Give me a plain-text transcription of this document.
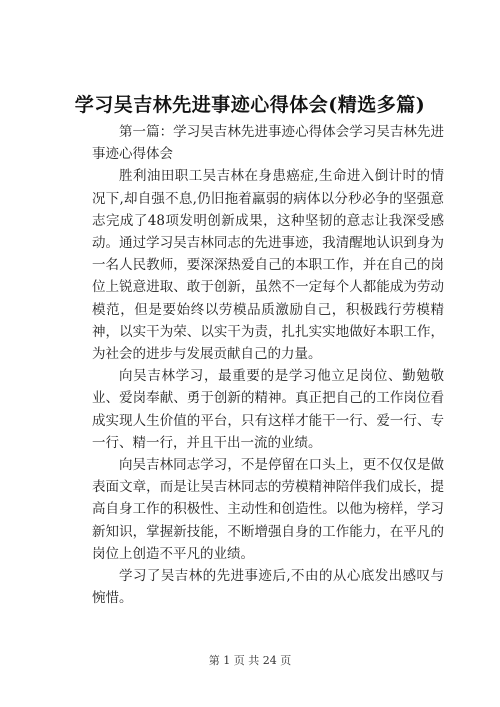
学习吴吉林先进事迹心得体会(精选多篇)

第一篇：学习吴吉林先进事迹心得体会学习吴吉林先进事迹心得体会

胜利油田职工吴吉林在身患癌症,生命进入倒计时的情况下,却自强不息,仍旧拖着羸弱的病体以分秒必争的坚强意志完成了48项发明创新成果，这种坚韧的意志让我深受感动。通过学习吴吉林同志的先进事迹，我清醒地认识到身为一名人民教师，要深深热爱自己的本职工作，并在自己的岗位上锐意进取、敢于创新，虽然不一定每个人都能成为劳动模范，但是要始终以劳模品质激励自己，积极践行劳模精神，以实干为荣、以实干为责，扎扎实实地做好本职工作，为社会的进步与发展贡献自己的力量。

向吴吉林学习，最重要的是学习他立足岗位、勤勉敬业、爱岗奉献、勇于创新的精神。真正把自己的工作岗位看成实现人生价值的平台，只有这样才能干一行、爱一行、专一行、精一行，并且干出一流的业绩。

向吴吉林同志学习，不是停留在口头上，更不仅仅是做表面文章，而是让吴吉林同志的劳模精神陪伴我们成长，提高自身工作的积极性、主动性和创造性。以他为榜样，学习新知识，掌握新技能，不断增强自身的工作能力，在平凡的岗位上创造不平凡的业绩。

学习了吴吉林的先进事迹后,不由的从心底发出感叹与惋惜。

第 1 页 共 24 页
